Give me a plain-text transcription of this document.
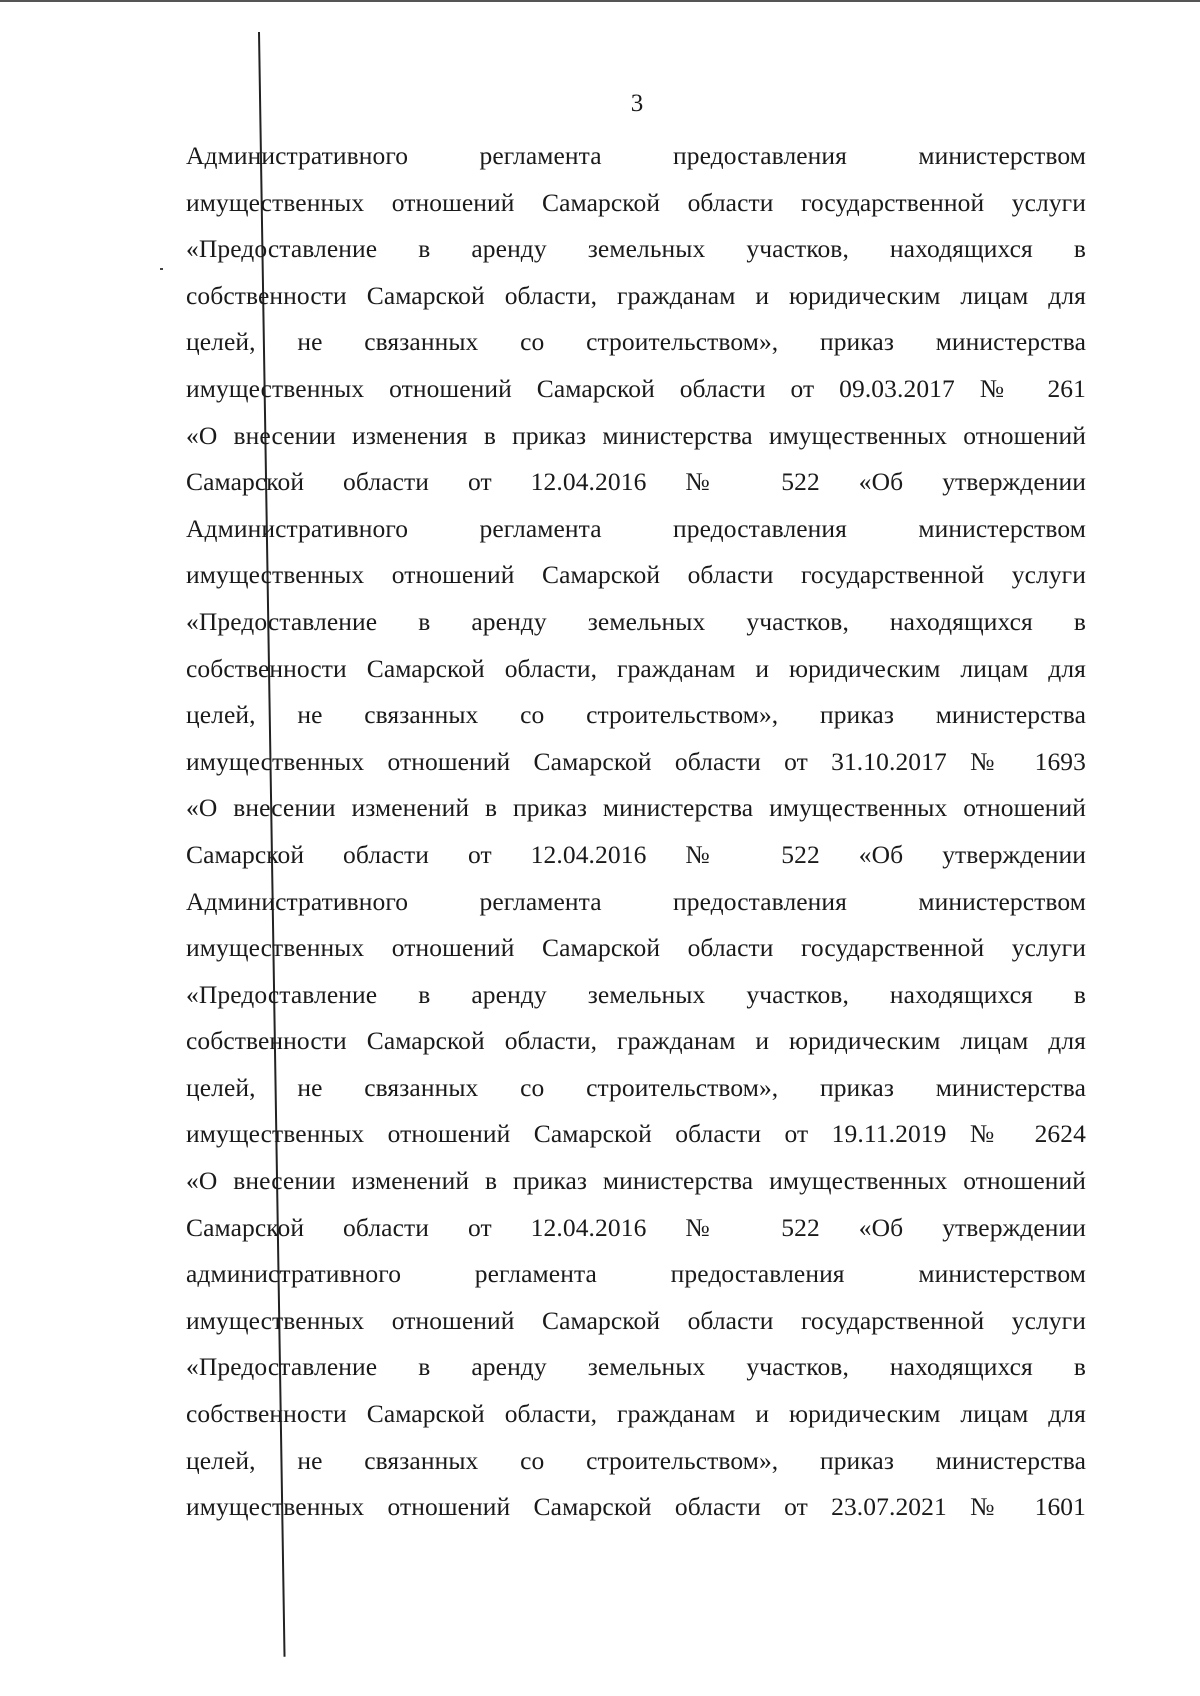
3
Административного регламента предоставления министерством
имущественных отношений Самарской области государственной услуги
«Предоставление в аренду земельных участков, находящихся в
собственности Самарской области, гражданам и юридическим лицам для
целей, не связанных со строительством», приказ министерства
имущественных отношений Самарской области от 09.03.2017 № 261
«О внесении изменения в приказ министерства имущественных отношений
Самарской области от 12.04.2016 № 522 «Об утверждении
Административного регламента предоставления министерством
имущественных отношений Самарской области государственной услуги
«Предоставление в аренду земельных участков, находящихся в
собственности Самарской области, гражданам и юридическим лицам для
целей, не связанных со строительством», приказ министерства
имущественных отношений Самарской области от 31.10.2017 № 1693
«О внесении изменений в приказ министерства имущественных отношений
Самарской области от 12.04.2016 № 522 «Об утверждении
Административного регламента предоставления министерством
имущественных отношений Самарской области государственной услуги
«Предоставление в аренду земельных участков, находящихся в
собственности Самарской области, гражданам и юридическим лицам для
целей, не связанных со строительством», приказ министерства
имущественных отношений Самарской области от 19.11.2019 № 2624
«О внесении изменений в приказ министерства имущественных отношений
Самарской области от 12.04.2016 № 522 «Об утверждении
административного регламента предоставления министерством
имущественных отношений Самарской области государственной услуги
«Предоставление в аренду земельных участков, находящихся в
собственности Самарской области, гражданам и юридическим лицам для
целей, не связанных со строительством», приказ министерства
имущественных отношений Самарской области от 23.07.2021 № 1601
